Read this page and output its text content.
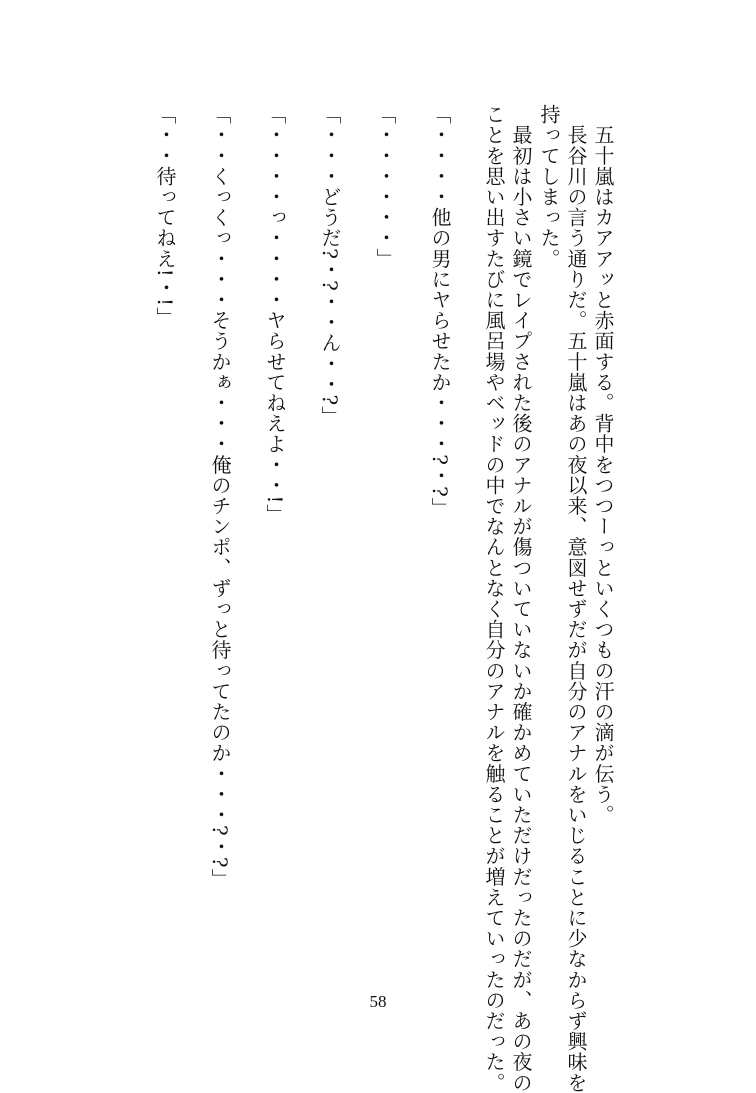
　五十嵐はカアアッと赤面する。背中をつつーっといくつもの汗の滴が伝う。
　長谷川の言う通りだ。五十嵐はあの夜以来、意図せずだが自分のアナルをいじることに少なからず興味を
持ってしまった。
　最初は小さい鏡でレイプされた後のアナルが傷ついていないか確かめていただけだったのだが、あの夜の
ことを思い出すたびに風呂場やベッドの中でなんとなく自分のアナルを触ることが増えていったのだった。
「・・・・他の男にヤらせたか・・・?・?」
「・・・・・・」
「・・・どうだ?・?・・ん・・?」
「・・・・っ・・・・ヤらせてねえよ・・!」
「・・くっくっ・・・そうかぁ・・・俺のチンポ、ずっと待ってたのか・・・?・?」
「・・待ってねえ!・!」
58
